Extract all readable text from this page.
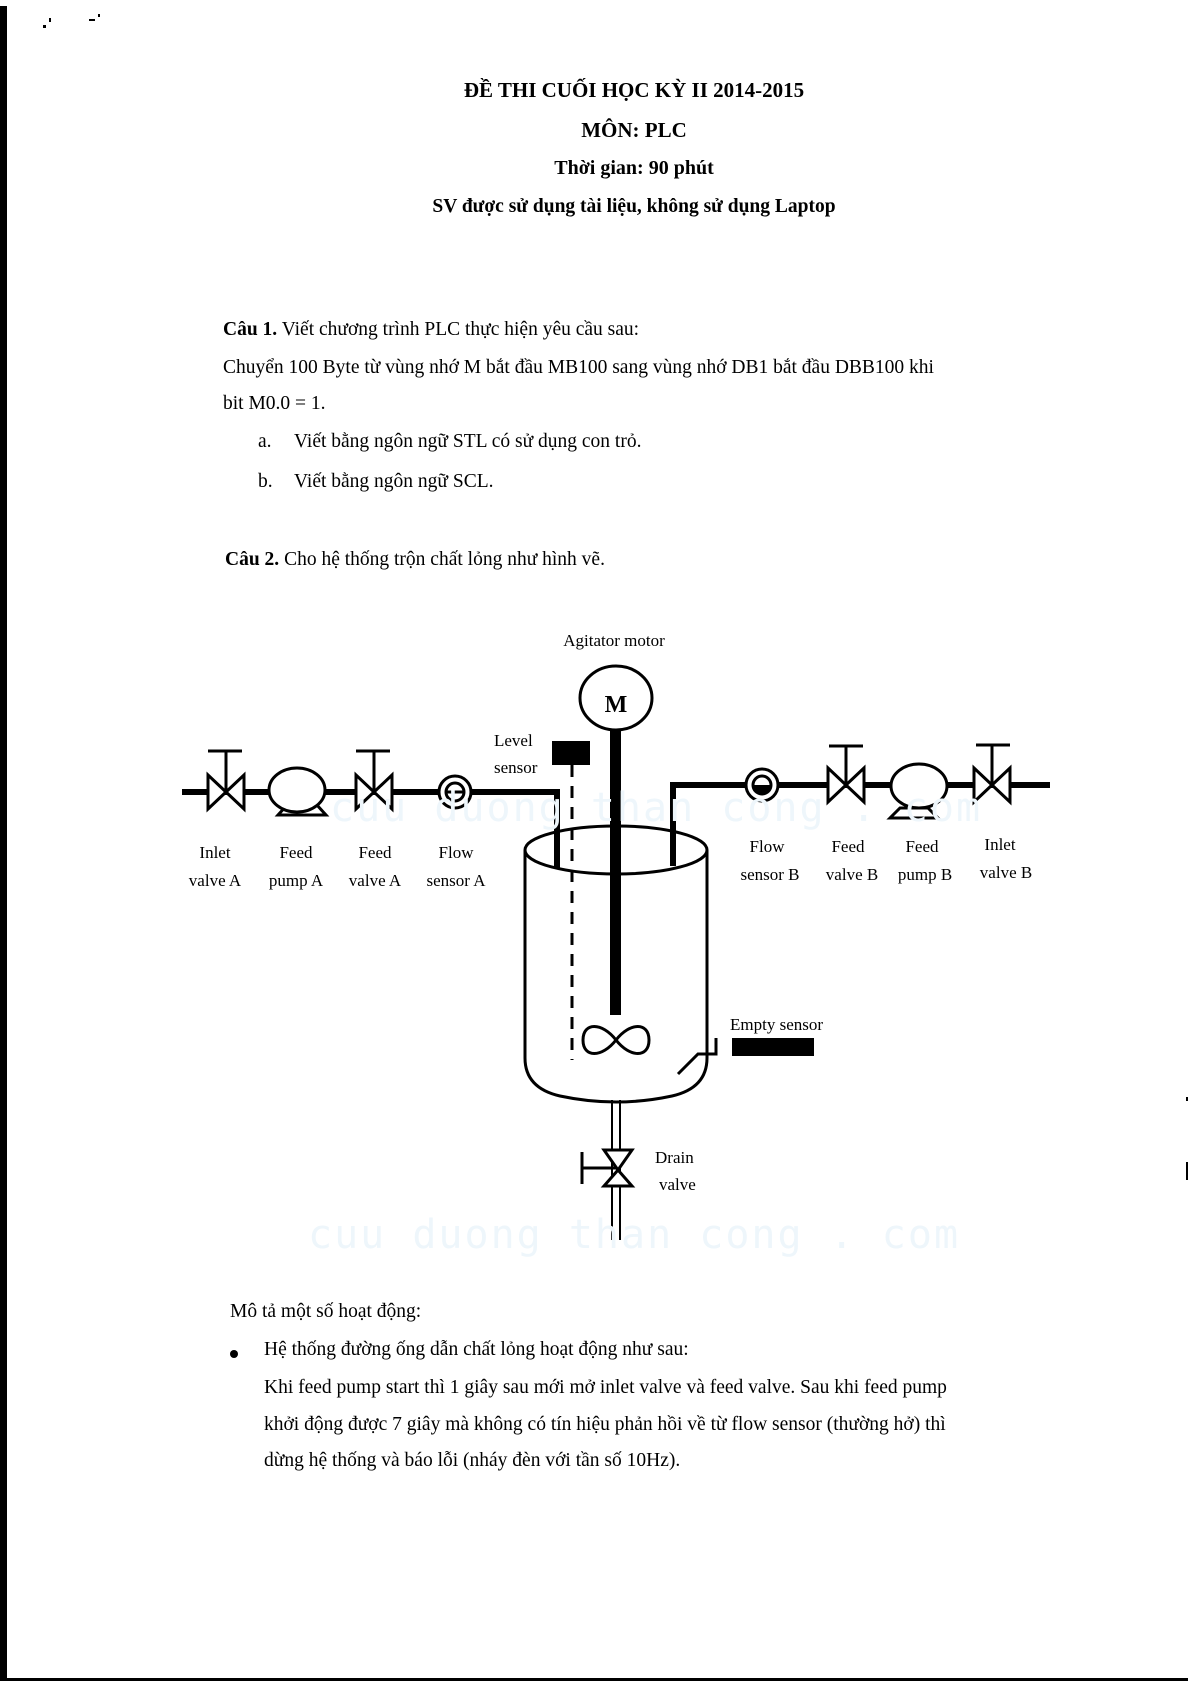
ĐỀ THI CUỐI HỌC KỲ II 2014-2015
MÔN: PLC
Thời gian: 90 phút
SV được sử dụng tài liệu, không sử dụng Laptop
Câu 1. Viết chương trình PLC thực hiện yêu cầu sau:
Chuyển 100 Byte từ vùng nhớ M bắt đầu MB100 sang vùng nhớ DB1 bắt đầu DBB100 khi
bit M0.0 = 1.
a. Viết bằng ngôn ngữ STL có sử dụng con trỏ.
b. Viết bằng ngôn ngữ SCL.
Câu 2. Cho hệ thống trộn chất lỏng như hình vẽ.
Agitator motor
M
Level
sensor
Empty sensor
Drain
valve
Inlet
valve A
Feed
pump A
Feed
valve A
Flow
sensor A
Flow
sensor B
Feed
valve B
Feed
pump B
Inlet
valve B
cuu duong than cong . com
cuu duong than cong . com
Mô tả một số hoạt động:
Hệ thống đường ống dẫn chất lỏng hoạt động như sau:
Khi feed pump start thì 1 giây sau mới mở inlet valve và feed valve. Sau khi feed pump
khởi động được 7 giây mà không có tín hiệu phản hồi về từ flow sensor (thường hở) thì
dừng hệ thống và báo lỗi (nháy đèn với tần số 10Hz).
